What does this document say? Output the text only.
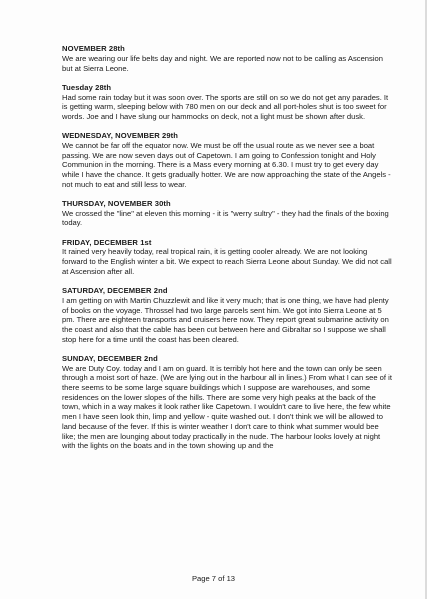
NOVEMBER 28th

We are wearing our life belts day and night. We are reported now not to be calling as Ascension but at Sierra Leone.

Tuesday 28th

Had some rain today but it was soon over. The sports are still on so we do not get any parades. It is getting warm, sleeping below with 780 men on our deck and all port-holes shut is too sweet for words. Joe and I have slung our hammocks on deck, not a light must be shown after dusk.

WEDNESDAY, NOVEMBER 29th

We cannot be far off the equator now. We must be off the usual route as we never see a boat passing. We are now seven days out of Capetown. I am going to Confession tonight and Holy Communion in the morning. There is a Mass every morning at 6.30. I must try to get every day while I have the chance. It gets gradually hotter. We are now approaching the state of the Angels - not much to eat and still less to wear.

THURSDAY, NOVEMBER 30th

We crossed the "line" at eleven this morning - it is "werry sultry" - they had the finals of the boxing today.

FRIDAY, DECEMBER 1st

It rained very heavily today, real tropical rain, it is getting cooler already. We are not looking forward to the English winter a bit. We expect to reach Sierra Leone about Sunday. We did not call at Ascension after all.

SATURDAY, DECEMBER 2nd

I am getting on with Martin Chuzzlewit and like it very much; that is one thing, we have had plenty of books on the voyage. Throssel had two large parcels sent him. We got into Sierra Leone at 5 pm. There are eighteen transports and cruisers here now. They report great submarine activity on the coast and also that the cable has been cut between here and Gibraltar so I suppose we shall stop here for a time until the coast has been cleared.

SUNDAY, DECEMBER 2nd

We are Duty Coy. today and I am on guard. It is terribly hot here and the town can only be seen through a moist sort of haze. (We are lying out in the harbour all in lines.) From what I can see of it there seems to be some large square buildings which I suppose are warehouses, and some residences on the lower slopes of the hills. There are some very high peaks at the back of the town, which in a way makes it look rather like Capetown. I wouldn't care to live here, the few white men I have seen look thin, limp and yellow - quite washed out. I don't think we will be allowed to land because of the fever. If this is winter weather I don't care to think what summer would bee like; the men are lounging about today practically in the nude. The harbour looks lovely at night with the lights on the boats and in the town showing up and the

Page 7 of 13
